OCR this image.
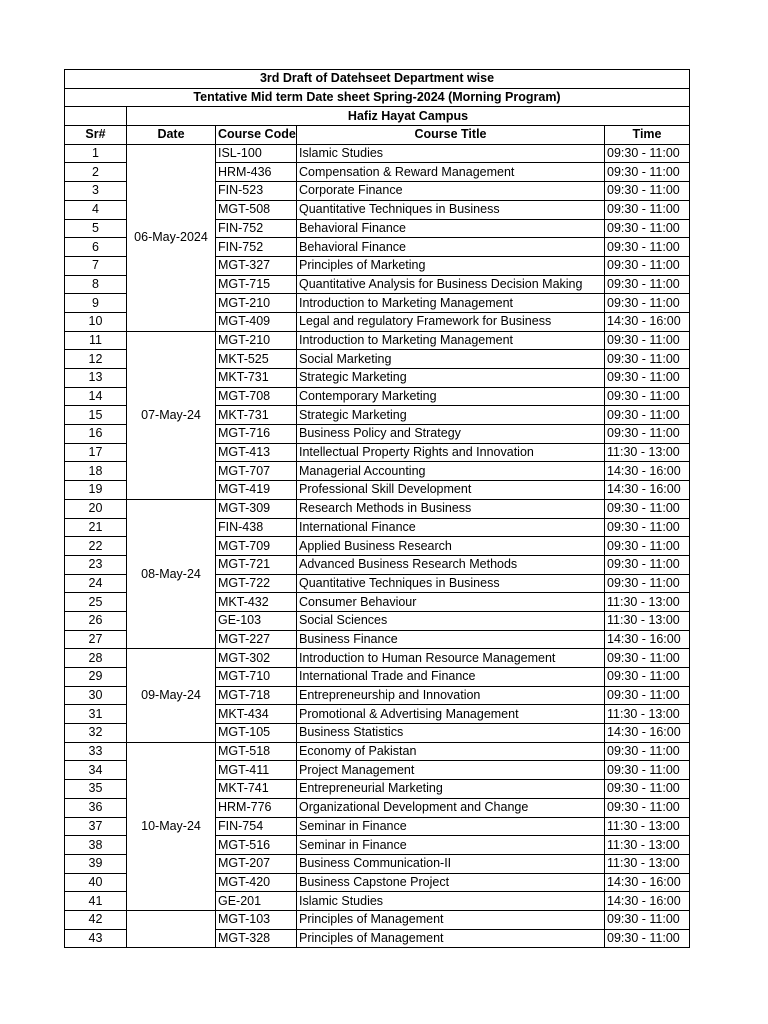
3rd Draft of Datehseet Department wise				
Tentative Mid term Date sheet Spring-2024 (Morning Program)				
	Hafiz Hayat Campus			
Sr#	Date	Course Code	Course Title	Time
1	06-May-2024	ISL-100	Islamic Studies	09:30 - 11:00
2		HRM-436	Compensation & Reward Management	09:30 - 11:00
3		FIN-523	Corporate Finance	09:30 - 11:00
4		MGT-508	Quantitative Techniques in Business	09:30 - 11:00
5		FIN-752	Behavioral Finance	09:30 - 11:00
6		FIN-752	Behavioral Finance	09:30 - 11:00
7		MGT-327	Principles of Marketing	09:30 - 11:00
8		MGT-715	Quantitative Analysis for Business Decision Making	09:30 - 11:00
9		MGT-210	Introduction to Marketing Management	09:30 - 11:00
10		MGT-409	Legal and regulatory Framework for Business	14:30 - 16:00
11	07-May-24	MGT-210	Introduction to Marketing Management	09:30 - 11:00
12		MKT-525	Social Marketing	09:30 - 11:00
13		MKT-731	Strategic Marketing	09:30 - 11:00
14		MGT-708	Contemporary Marketing	09:30 - 11:00
15		MKT-731	Strategic Marketing	09:30 - 11:00
16		MGT-716	Business Policy and Strategy	09:30 - 11:00
17		MGT-413	Intellectual Property Rights and Innovation	11:30 - 13:00
18		MGT-707	Managerial Accounting	14:30 - 16:00
19		MGT-419	Professional Skill Development	14:30 - 16:00
20	08-May-24	MGT-309	Research Methods in Business	09:30 - 11:00
21		FIN-438	International Finance	09:30 - 11:00
22		MGT-709	Applied Business Research	09:30 - 11:00
23		MGT-721	Advanced Business Research Methods	09:30 - 11:00
24		MGT-722	Quantitative Techniques in Business	09:30 - 11:00
25		MKT-432	Consumer Behaviour	11:30 - 13:00
26		GE-103	Social Sciences	11:30 - 13:00
27		MGT-227	Business Finance	14:30 - 16:00
28	09-May-24	MGT-302	Introduction to Human Resource Management	09:30 - 11:00
29		MGT-710	International Trade and Finance	09:30 - 11:00
30		MGT-718	Entrepreneurship and Innovation	09:30 - 11:00
31		MKT-434	Promotional & Advertising Management	11:30 - 13:00
32		MGT-105	Business Statistics	14:30 - 16:00
33	10-May-24	MGT-518	Economy of Pakistan	09:30 - 11:00
34		MGT-411	Project Management	09:30 - 11:00
35		MKT-741	Entrepreneurial Marketing	09:30 - 11:00
36		HRM-776	Organizational Development and Change	09:30 - 11:00
37		FIN-754	Seminar in Finance	11:30 - 13:00
38		MGT-516	Seminar in Finance	11:30 - 13:00
39		MGT-207	Business Communication-II	11:30 - 13:00
40		MGT-420	Business Capstone Project	14:30 - 16:00
41		GE-201	Islamic Studies	14:30 - 16:00
42		MGT-103	Principles of Management	09:30 - 11:00
43		MGT-328	Principles of Management	09:30 - 11:00
